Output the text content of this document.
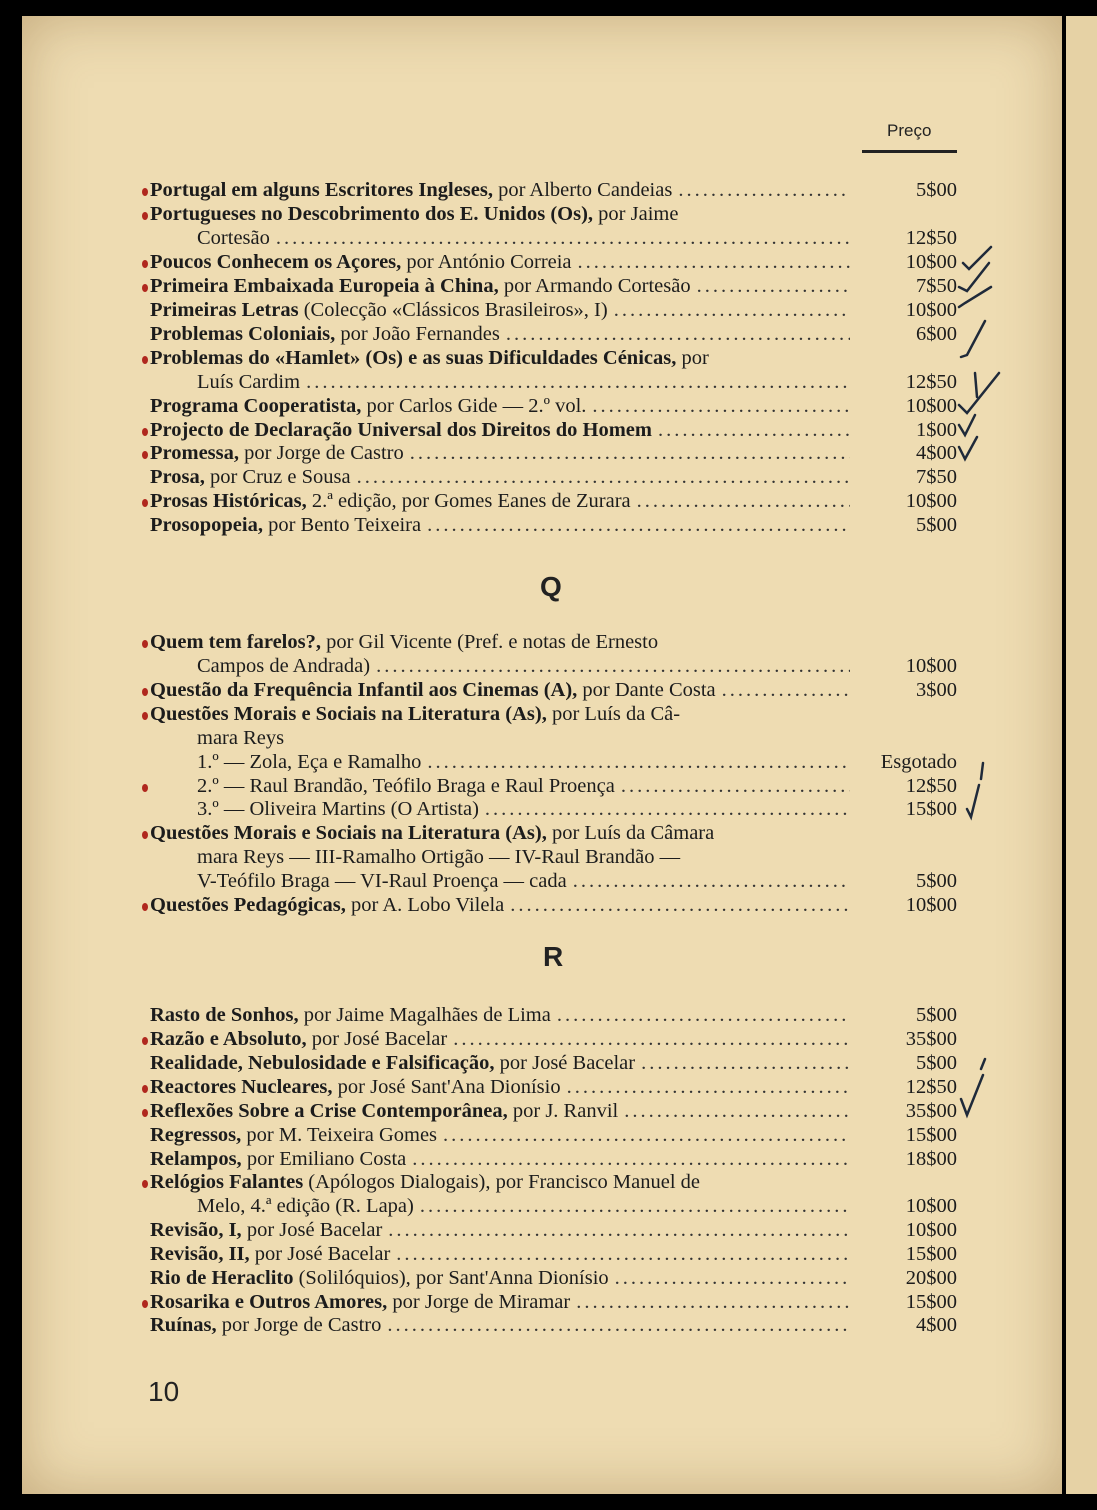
Preço
5$00
Portugal em alguns Escritores Ingleses, por Alberto Candeias
.....
Portugueses no Descobrimento dos E. Unidos (Os), por Jaime
12$50
Cortesão
.....
10$00
Poucos Conhecem os Açores, por António Correia
.....
7$50
Primeira Embaixada Europeia à China, por Armando Cortesão
.....
10$00
Primeiras Letras (Colecção «Clássicos Brasileiros», I)
.....
6$00
Problemas Coloniais, por João Fernandes
.....
Problemas do «Hamlet» (Os) e as suas Dificuldades Cénicas, por
12$50
Luís Cardim
.....
10$00
Programa Cooperatista, por Carlos Gide — 2.º vol.
.....
1$00
Projecto de Declaração Universal dos Direitos do Homem
.....
4$00
Promessa, por Jorge de Castro
.....
7$50
Prosa, por Cruz e Sousa
.....
10$00
Prosas Históricas, 2.ª edição, por Gomes Eanes de Zurara
.....
5$00
Prosopopeia, por Bento Teixeira
.....
Q
Quem tem farelos?, por Gil Vicente (Pref. e notas de Ernesto
10$00
Campos de Andrada)
.....
3$00
Questão da Frequência Infantil aos Cinemas (A), por Dante Costa
.....
Questões Morais e Sociais na Literatura (As), por Luís da Câ-
mara Reys
Esgotado
1.º — Zola, Eça e Ramalho
.....
12$50
2.º — Raul Brandão, Teófilo Braga e Raul Proença
.....
15$00
3.º — Oliveira Martins (O Artista)
.....
Questões Morais e Sociais na Literatura (As), por Luís da Câmara
mara Reys — III-Ramalho Ortigão — IV-Raul Brandão —
5$00
V-Teófilo Braga — VI-Raul Proença — cada
.....
10$00
Questões Pedagógicas, por A. Lobo Vilela
.....
R
5$00
Rasto de Sonhos, por Jaime Magalhães de Lima
.....
35$00
Razão e Absoluto, por José Bacelar
.....
5$00
Realidade, Nebulosidade e Falsificação, por José Bacelar
.....
12$50
Reactores Nucleares, por José Sant'Ana Dionísio
.....
35$00
Reflexões Sobre a Crise Contemporânea, por J. Ranvil
.....
15$00
Regressos, por M. Teixeira Gomes
.....
18$00
Relampos, por Emiliano Costa
.....
Relógios Falantes (Apólogos Dialogais), por Francisco Manuel de
10$00
Melo, 4.ª edição (R. Lapa)
.....
10$00
Revisão, I, por José Bacelar
.....
15$00
Revisão, II, por José Bacelar
.....
20$00
Rio de Heraclito (Solilóquios), por Sant'Anna Dionísio
.....
15$00
Rosarika e Outros Amores, por Jorge de Miramar
.....
4$00
Ruínas, por Jorge de Castro
.....
10
